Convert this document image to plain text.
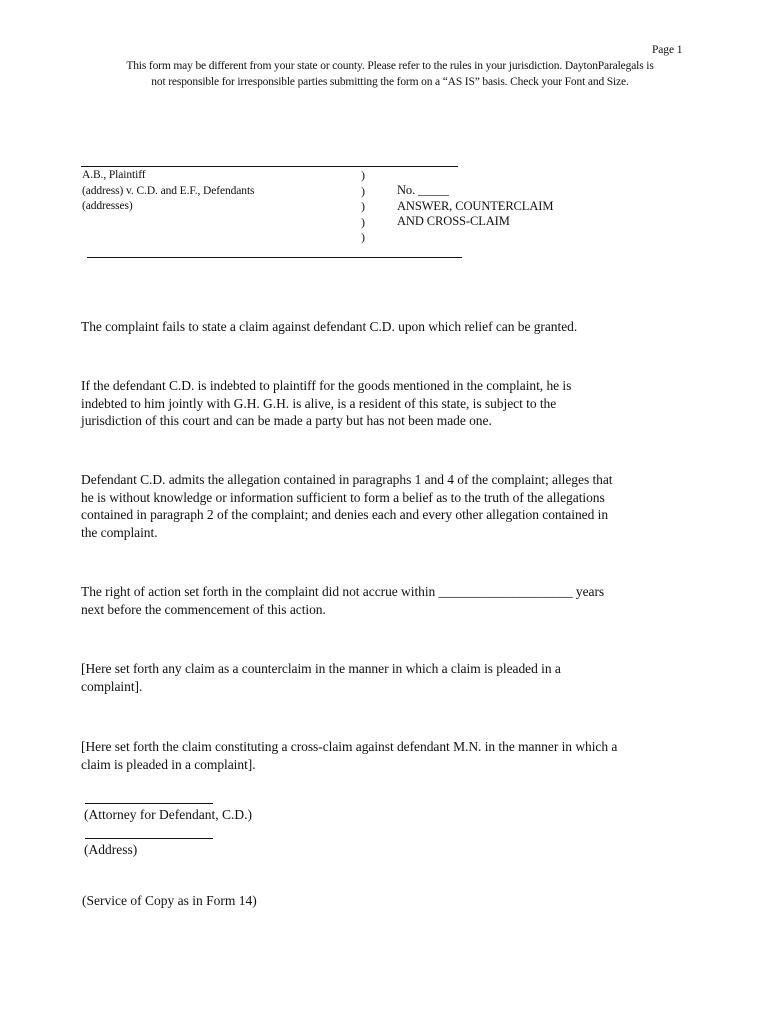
Page 1
This form may be different from your state or county. Please refer to the rules in your jurisdiction. DaytonParalegals is
not responsible for irresponsible parties submitting the form on a “AS IS” basis. Check your Font and Size.
A.B., Plaintiff
(address) v. C.D. and E.F., Defendants
(addresses)
)
)
)
)
)
No. _____
ANSWER, COUNTERCLAIM
AND CROSS-CLAIM
The complaint fails to state a claim against defendant C.D. upon which relief can be granted.
If the defendant C.D. is indebted to plaintiff for the goods mentioned in the complaint, he is
indebted to him jointly with G.H. G.H. is alive, is a resident of this state, is subject to the
jurisdiction of this court and can be made a party but has not been made one.
Defendant C.D. admits the allegation contained in paragraphs 1 and 4 of the complaint; alleges that
he is without knowledge or information sufficient to form a belief as to the truth of the allegations
contained in paragraph 2 of the complaint; and denies each and every other allegation contained in
the complaint.
The right of action set forth in the complaint did not accrue within ____________________ years
next before the commencement of this action.
[Here set forth any claim as a counterclaim in the manner in which a claim is pleaded in a
complaint].
[Here set forth the claim constituting a cross-claim against defendant M.N. in the manner in which a
claim is pleaded in a complaint].
(Attorney for Defendant, C.D.)
(Address)
(Service of Copy as in Form 14)
